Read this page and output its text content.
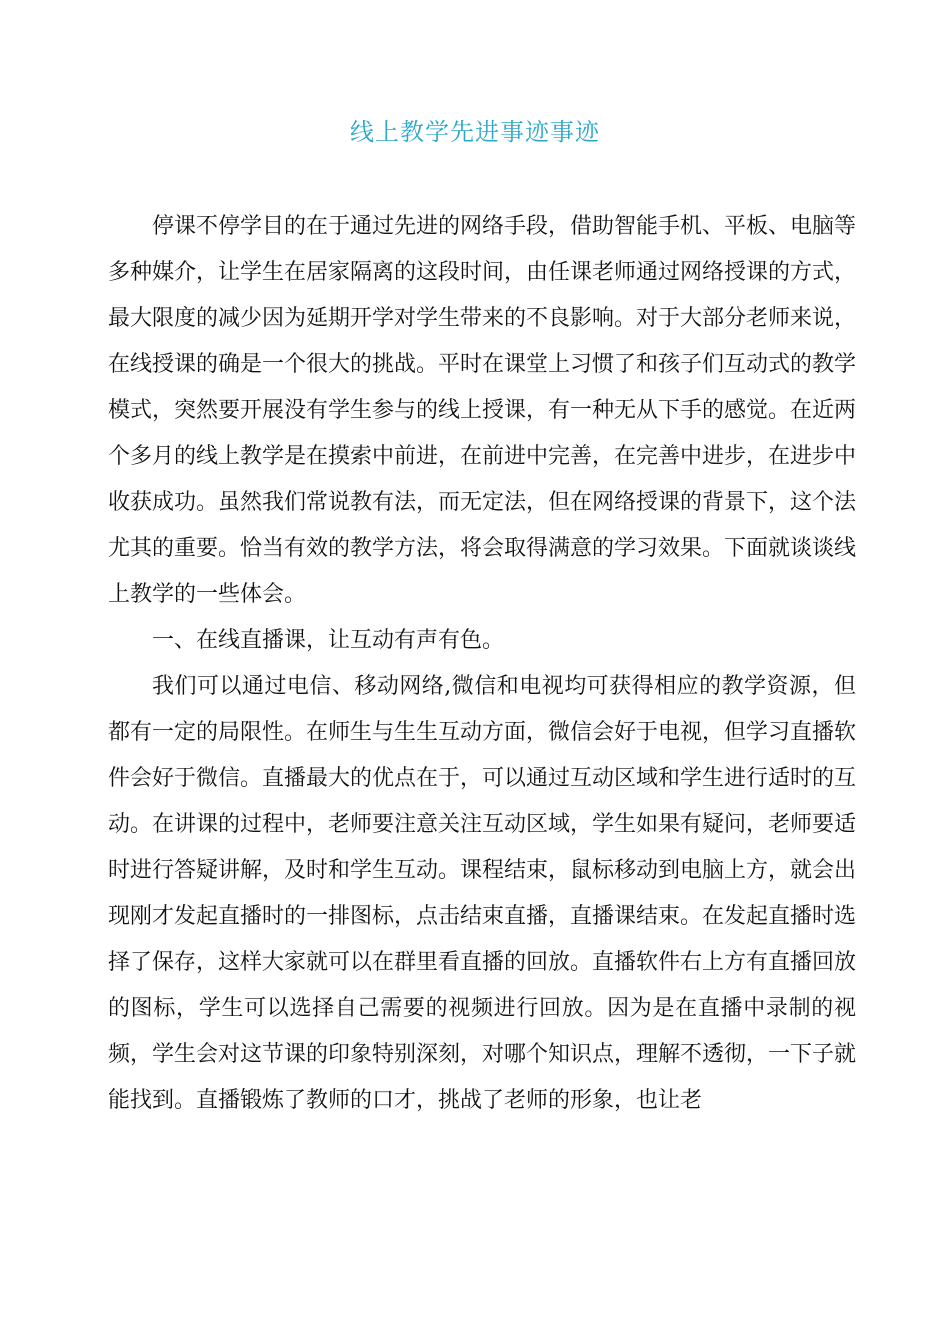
线上教学先进事迹事迹

停课不停学目的在于通过先进的网络手段，借助智能手机、平板、电脑等多种媒介，让学生在居家隔离的这段时间，由任课老师通过网络授课的方式，最大限度的减少因为延期开学对学生带来的不良影响。对于大部分老师来说，在线授课的确是一个很大的挑战。平时在课堂上习惯了和孩子们互动式的教学模式，突然要开展没有学生参与的线上授课，有一种无从下手的感觉。在近两个多月的线上教学是在摸索中前进，在前进中完善，在完善中进步，在进步中收获成功。虽然我们常说教有法，而无定法，但在网络授课的背景下，这个法尤其的重要。恰当有效的教学方法，将会取得满意的学习效果。下面就谈谈线上教学的一些体会。

一、在线直播课，让互动有声有色。

我们可以通过电信、移动网络,微信和电视均可获得相应的教学资源，但都有一定的局限性。在师生与生生互动方面，微信会好于电视，但学习直播软件会好于微信。直播最大的优点在于，可以通过互动区域和学生进行适时的互动。在讲课的过程中，老师要注意关注互动区域，学生如果有疑问，老师要适时进行答疑讲解，及时和学生互动。课程结束，鼠标移动到电脑上方，就会出现刚才发起直播时的一排图标，点击结束直播，直播课结束。在发起直播时选择了保存，这样大家就可以在群里看直播的回放。直播软件右上方有直播回放的图标，学生可以选择自己需要的视频进行回放。因为是在直播中录制的视频，学生会对这节课的印象特别深刻，对哪个知识点，理解不透彻，一下子就能找到。直播锻炼了教师的口才，挑战了老师的形象，也让老
